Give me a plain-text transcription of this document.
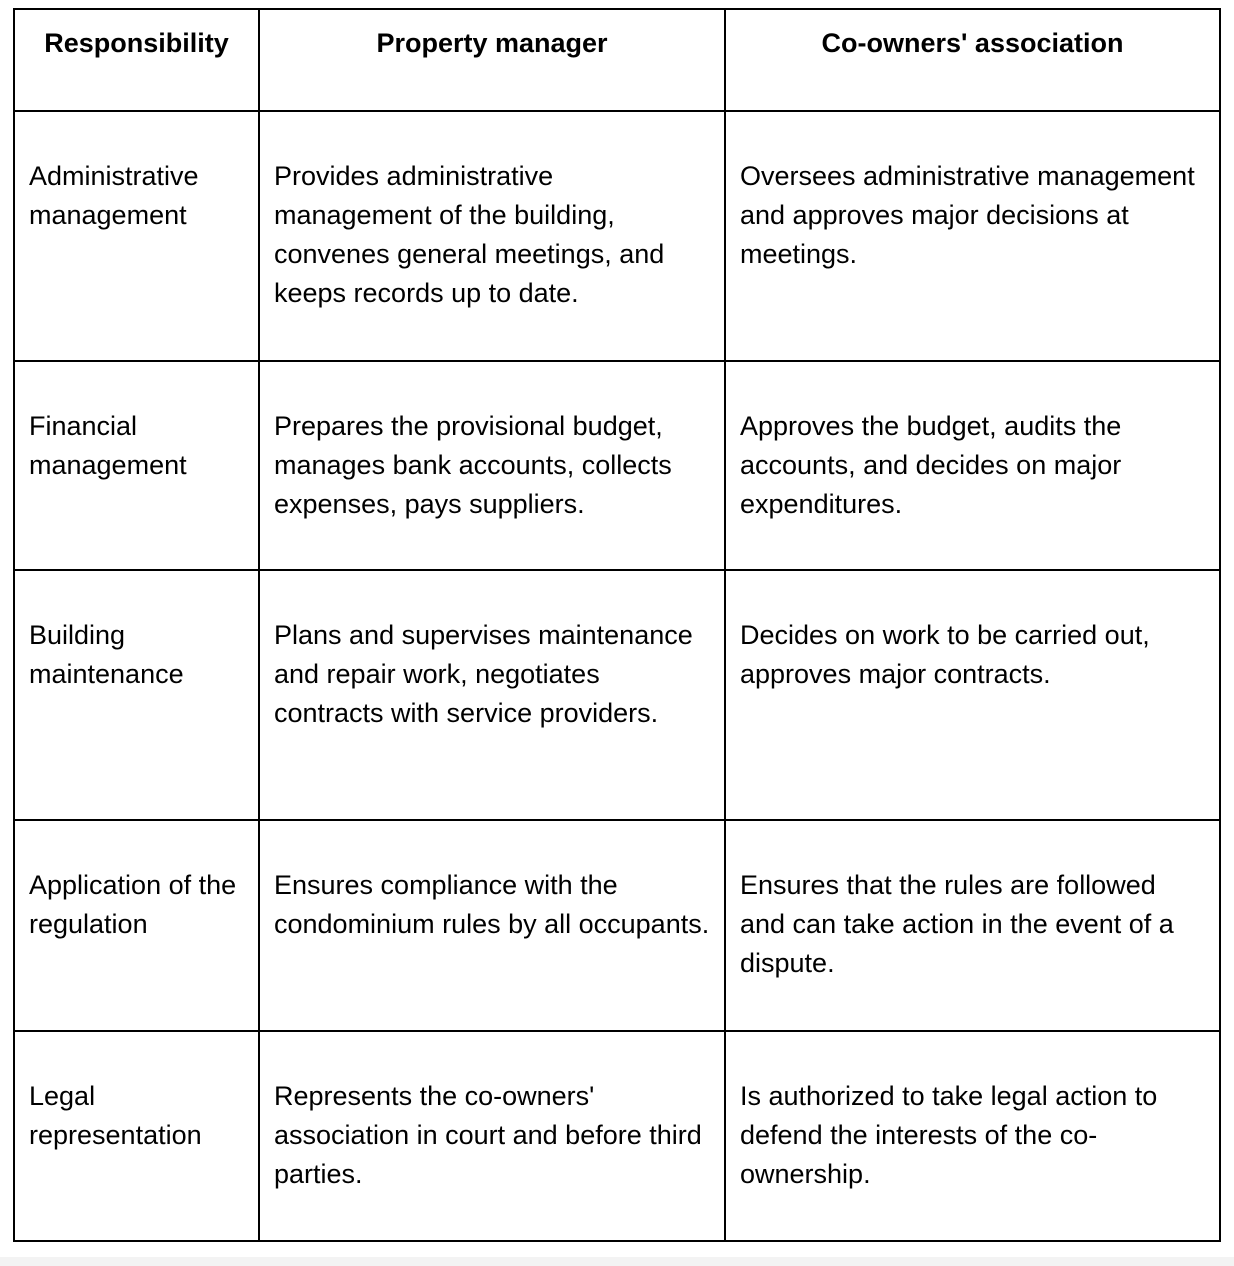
Responsibility	Property manager	Co-owners' association
Administrative management	Provides administrative management of the building, convenes general meetings, and keeps records up to date.	Oversees administrative management and approves major decisions at meetings.
Financial management	Prepares the provisional budget, manages bank accounts, collects expenses, pays suppliers.	Approves the budget, audits the accounts, and decides on major expenditures.
Building maintenance	Plans and supervises maintenance and repair work, negotiates contracts with service providers.	Decides on work to be carried out, approves major contracts.
Application of the regulation	Ensures compliance with the condominium rules by all occupants.	Ensures that the rules are followed and can take action in the event of a dispute.
Legal representation	Represents the co-owners' association in court and before third parties.	Is authorized to take legal action to defend the interests of the co-ownership.
